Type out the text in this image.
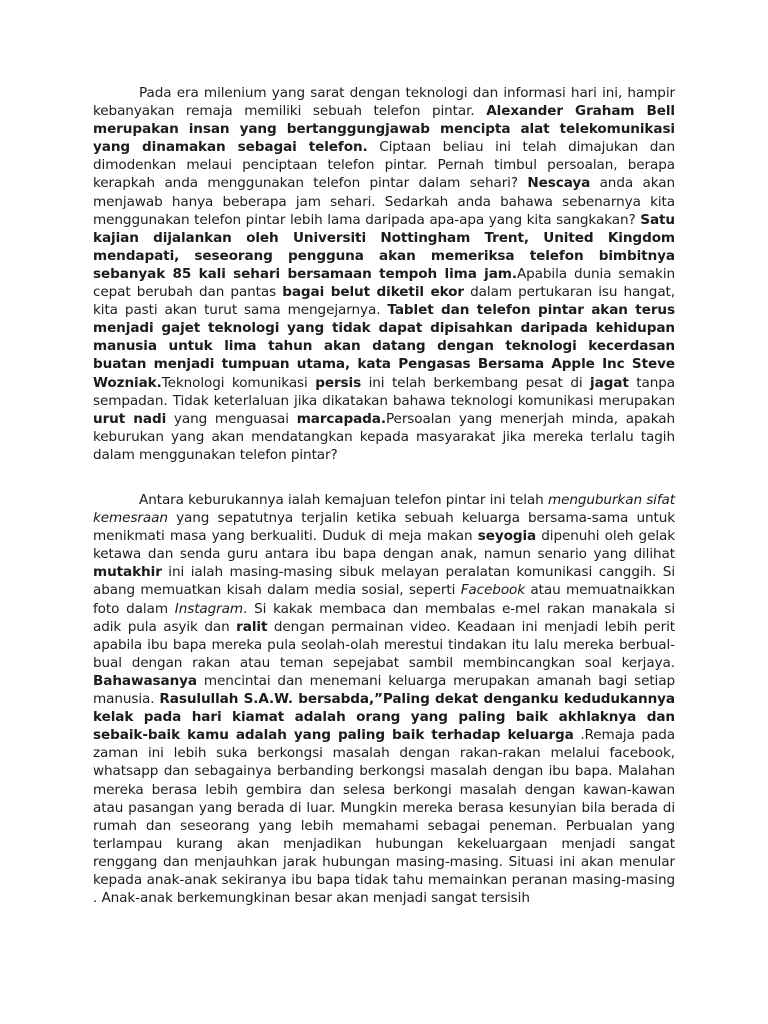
Pada era milenium yang sarat dengan teknologi dan informasi hari ini, hampir kebanyakan remaja memiliki sebuah telefon pintar. Alexander Graham Bell merupakan insan yang bertanggungjawab mencipta alat telekomunikasi yang dinamakan sebagai telefon. Ciptaan beliau ini telah dimajukan dan dimodenkan melaui penciptaan telefon pintar. Pernah timbul persoalan, berapa kerapkah anda menggunakan telefon pintar dalam sehari? Nescaya anda akan menjawab hanya beberapa jam sehari. Sedarkah anda bahawa sebenarnya kita menggunakan telefon pintar lebih lama daripada apa-apa yang kita sangkakan? Satu kajian dijalankan oleh Universiti Nottingham Trent, United Kingdom mendapati, seseorang pengguna akan memeriksa telefon bimbitnya sebanyak 85 kali sehari bersamaan tempoh lima jam.Apabila dunia semakin cepat berubah dan pantas bagai belut diketil ekor dalam pertukaran isu hangat, kita pasti akan turut sama mengejarnya. Tablet dan telefon pintar akan terus menjadi gajet teknologi yang tidak dapat dipisahkan daripada kehidupan manusia untuk lima tahun akan datang dengan teknologi kecerdasan buatan menjadi tumpuan utama, kata Pengasas Bersama Apple Inc Steve Wozniak.Teknologi komunikasi persis ini telah berkembang pesat di jagat tanpa sempadan. Tidak keterlaluan jika dikatakan bahawa teknologi komunikasi merupakan urut nadi yang menguasai marcapada.Persoalan yang menerjah minda, apakah keburukan yang akan mendatangkan kepada masyarakat jika mereka terlalu tagih dalam menggunakan telefon pintar?

Antara keburukannya ialah kemajuan telefon pintar ini telah menguburkan sifat kemesraan yang sepatutnya terjalin ketika sebuah keluarga bersama-sama untuk menikmati masa yang berkualiti. Duduk di meja makan seyogia dipenuhi oleh gelak ketawa dan senda guru antara ibu bapa dengan anak, namun senario yang dilihat mutakhir ini ialah masing-masing sibuk melayan peralatan komunikasi canggih. Si abang memuatkan kisah dalam media sosial, seperti Facebook atau memuatnaikkan foto dalam Instagram. Si kakak membaca dan membalas e-mel rakan manakala si adik pula asyik dan ralit dengan permainan video. Keadaan ini menjadi lebih perit apabila ibu bapa mereka pula seolah-olah merestui tindakan itu lalu mereka berbual-bual dengan rakan atau teman sepejabat sambil membincangkan soal kerjaya. Bahawasanya mencintai dan menemani keluarga merupakan amanah bagi setiap manusia. Rasulullah S.A.W. bersabda,”Paling dekat denganku kedudukannya kelak pada hari kiamat adalah orang yang paling baik akhlaknya dan sebaik-baik kamu adalah yang paling baik terhadap keluarga .Remaja pada zaman ini lebih suka berkongsi masalah dengan rakan-rakan melalui facebook, whatsapp dan sebagainya berbanding berkongsi masalah dengan ibu bapa. Malahan mereka berasa lebih gembira dan selesa berkongi masalah dengan kawan-kawan atau pasangan yang berada di luar. Mungkin mereka berasa kesunyian bila berada di rumah dan seseorang yang lebih memahami sebagai peneman. Perbualan yang terlampau kurang akan menjadikan hubungan kekeluargaan menjadi sangat renggang dan menjauhkan jarak hubungan masing-masing. Situasi ini akan menular kepada anak-anak sekiranya ibu bapa tidak tahu memainkan peranan masing-masing . Anak-anak berkemungkinan besar akan menjadi sangat tersisih
